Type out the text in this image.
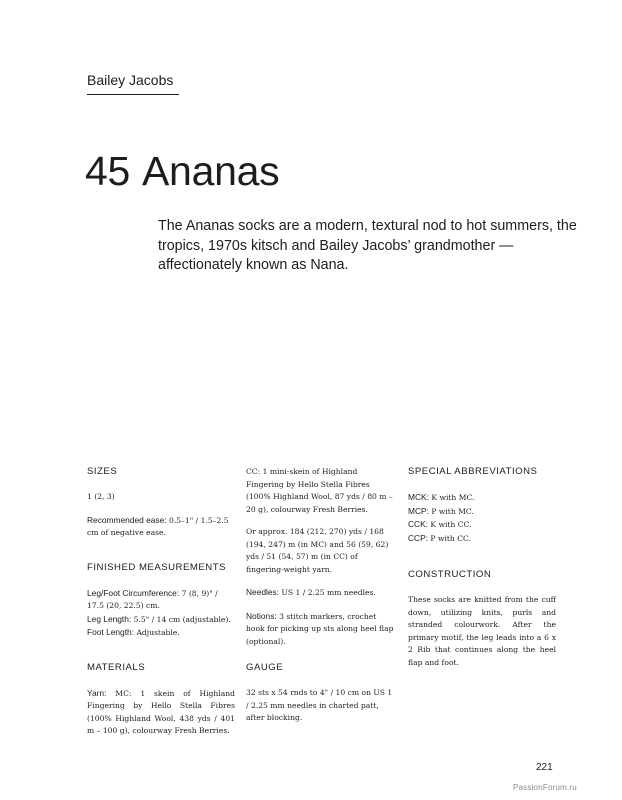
Bailey Jacobs
45 Ananas

The Ananas socks are a modern, textural nod to hot summers, the tropics, 1970s kitsch and Bailey Jacobs’ grandmother — affectionately known as Nana.

SIZES

1 (2, 3)

Recommended ease: 0.5–1" / 1.5–2.5 cm of negative ease.

FINISHED MEASUREMENTS

Leg/Foot Circumference: 7 (8, 9)" / 17.5 (20, 22.5) cm.
Leg Length: 5.5" / 14 cm (adjustable).
Foot Length: Adjustable.

MATERIALS

Yarn: MC: 1 skein of Highland Fingering by Hello Stella Fibres (100% Highland Wool, 438 yds / 401 m – 100 g), colourway Fresh Berries.

CC: 1 mini-skein of Highland Fingering by Hello Stella Fibres (100% Highland Wool, 87 yds / 80 m – 20 g), colourway Fresh Berries.

Or approx. 184 (212, 270) yds / 168 (194, 247) m (in MC) and 56 (59, 62) yds / 51 (54, 57) m (in CC) of fingering-weight yarn.

Needles: US 1 / 2.25 mm needles.

Notions: 3 stitch markers, crochet hook for picking up sts along heel flap (optional).

GAUGE

32 sts x 54 rnds to 4" / 10 cm on US 1 / 2.25 mm needles in charted patt, after blocking.

SPECIAL ABBREVIATIONS

MCK: K with MC.
MCP: P with MC.
CCK: K with CC.
CCP: P with CC.

CONSTRUCTION

These socks are knitted from the cuff down, utilizing knits, purls and stranded colourwork. After the primary motif, the leg leads into a 6 x 2 Rib that continues along the heel flap and foot.

221
PassionForum.ru
